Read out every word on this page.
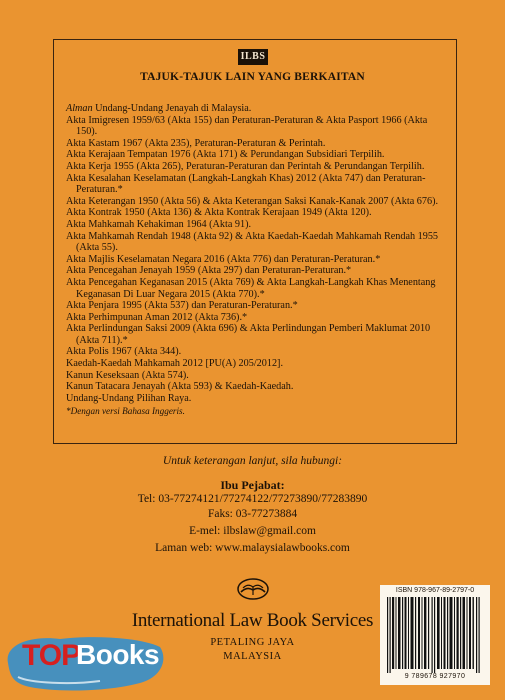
ILBS
TAJUK-TAJUK LAIN YANG BERKAITAN

Alman Undang-Undang Jenayah di Malaysia.

Akta Imigresen 1959/63 (Akta 155) dan Peraturan-Peraturan & Akta Pasport 1966 (Akta 150).

Akta Kastam 1967 (Akta 235), Peraturan-Peraturan & Perintah.

Akta Kerajaan Tempatan 1976 (Akta 171) & Perundangan Subsidiari Terpilih.

Akta Kerja 1955 (Akta 265), Peraturan-Peraturan dan Perintah & Perundangan Terpilih.

Akta Kesalahan Keselamatan (Langkah-Langkah Khas) 2012 (Akta 747) dan Peraturan-Peraturan.*

Akta Keterangan 1950 (Akta 56) & Akta Keterangan Saksi Kanak-Kanak 2007 (Akta 676).

Akta Kontrak 1950 (Akta 136) & Akta Kontrak Kerajaan 1949 (Akta 120).

Akta Mahkamah Kehakiman 1964 (Akta 91).

Akta Mahkamah Rendah 1948 (Akta 92) & Akta Kaedah-Kaedah Mahkamah Rendah 1955 (Akta 55).

Akta Majlis Keselamatan Negara 2016 (Akta 776) dan Peraturan-Peraturan.*

Akta Pencegahan Jenayah 1959 (Akta 297) dan Peraturan-Peraturan.*

Akta Pencegahan Keganasan 2015 (Akta 769) & Akta Langkah-Langkah Khas Menentang Keganasan Di Luar Negara 2015 (Akta 770).*

Akta Penjara 1995 (Akta 537) dan Peraturan-Peraturan.*

Akta Perhimpunan Aman 2012 (Akta 736).*

Akta Perlindungan Saksi 2009 (Akta 696) & Akta Perlindungan Pemberi Maklumat 2010 (Akta 711).*

Akta Polis 1967 (Akta 344).

Kaedah-Kaedah Mahkamah 2012 [PU(A) 205/2012].

Kanun Keseksaan (Akta 574).

Kanun Tatacara Jenayah (Akta 593) & Kaedah-Kaedah.

Undang-Undang Pilihan Raya.

*Dengan versi Bahasa Inggeris.

Untuk keterangan lanjut, sila hubungi:
Ibu Pejabat:
Tel: 03-77274121/77274122/77273890/77283890
Faks: 03-77273884
E-mel: ilbslaw@gmail.com
Laman web: www.malaysialawbooks.com
International Law Book Services
PETALING JAYA
MALAYSIA
ISBN 978-967-89-2797-0
9 789678 927970
TOP
Books
